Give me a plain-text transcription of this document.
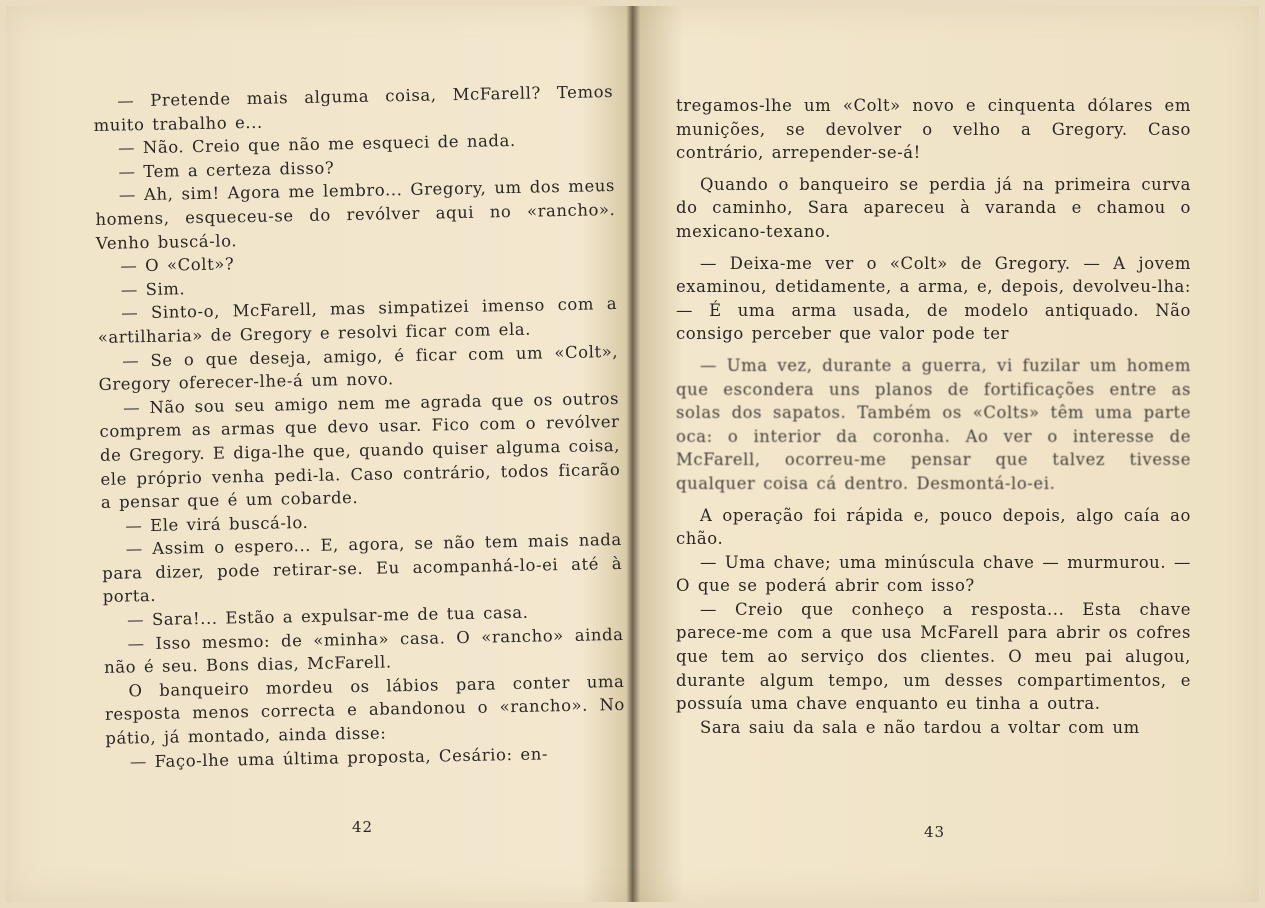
— Pretende mais alguma coisa, McFarell? Temos muito trabalho e...

— Não. Creio que não me esqueci de nada.

— Tem a certeza disso?

— Ah, sim! Agora me lembro... Gregory, um dos meus homens, esqueceu-se do revólver aqui no «rancho». Venho buscá-lo.

— O «Colt»?

— Sim.

— Sinto-o, McFarell, mas simpatizei imenso com a «artilharia» de Gregory e resolvi ficar com ela.

— Se o que deseja, amigo, é ficar com um «Colt», Gregory oferecer-lhe-á um novo.

— Não sou seu amigo nem me agrada que os outros comprem as armas que devo usar. Fico com o revólver de Gregory. E diga-lhe que, quando quiser alguma coisa, ele próprio venha pedi-la. Caso contrário, todos ficarão a pensar que é um cobarde.

— Ele virá buscá-lo.

— Assim o espero... E, agora, se não tem mais nada para dizer, pode retirar-se. Eu acompanhá-lo-ei até à porta.

— Sara!... Estão a expulsar-me de tua casa.

— Isso mesmo: de «minha» casa. O «rancho» ainda não é seu. Bons dias, McFarell.

O banqueiro mordeu os lábios para conter uma resposta menos correcta e abandonou o «rancho». No pátio, já montado, ainda disse:

— Faço-lhe uma última proposta, Cesário: en-

42

tregamos-lhe um «Colt» novo e cinquenta dólares em munições, se devolver o velho a Gregory. Caso contrário, arrepender-se-á!

Quando o banqueiro se perdia já na primeira curva do caminho, Sara apareceu à varanda e chamou o mexicano-texano.

— Deixa-me ver o «Colt» de Gregory. — A jovem examinou, detidamente, a arma, e, depois, devolveu-lha: — É uma arma usada, de modelo antiquado. Não consigo perceber que valor pode ter

— Uma vez, durante a guerra, vi fuzilar um homem que escondera uns planos de fortificações entre as solas dos sapatos. Também os «Colts» têm uma parte oca: o interior da coronha. Ao ver o interesse de McFarell, ocorreu-me pensar que talvez tivesse qualquer coisa cá dentro. Desmontá-lo-ei.

A operação foi rápida e, pouco depois, algo caía ao chão.

— Uma chave; uma minúscula chave — murmurou. — O que se poderá abrir com isso?

— Creio que conheço a resposta... Esta chave parece-me com a que usa McFarell para abrir os cofres que tem ao serviço dos clientes. O meu pai alugou, durante algum tempo, um desses compartimentos, e possuía uma chave enquanto eu tinha a outra.

Sara saiu da sala e não tardou a voltar com um

43
